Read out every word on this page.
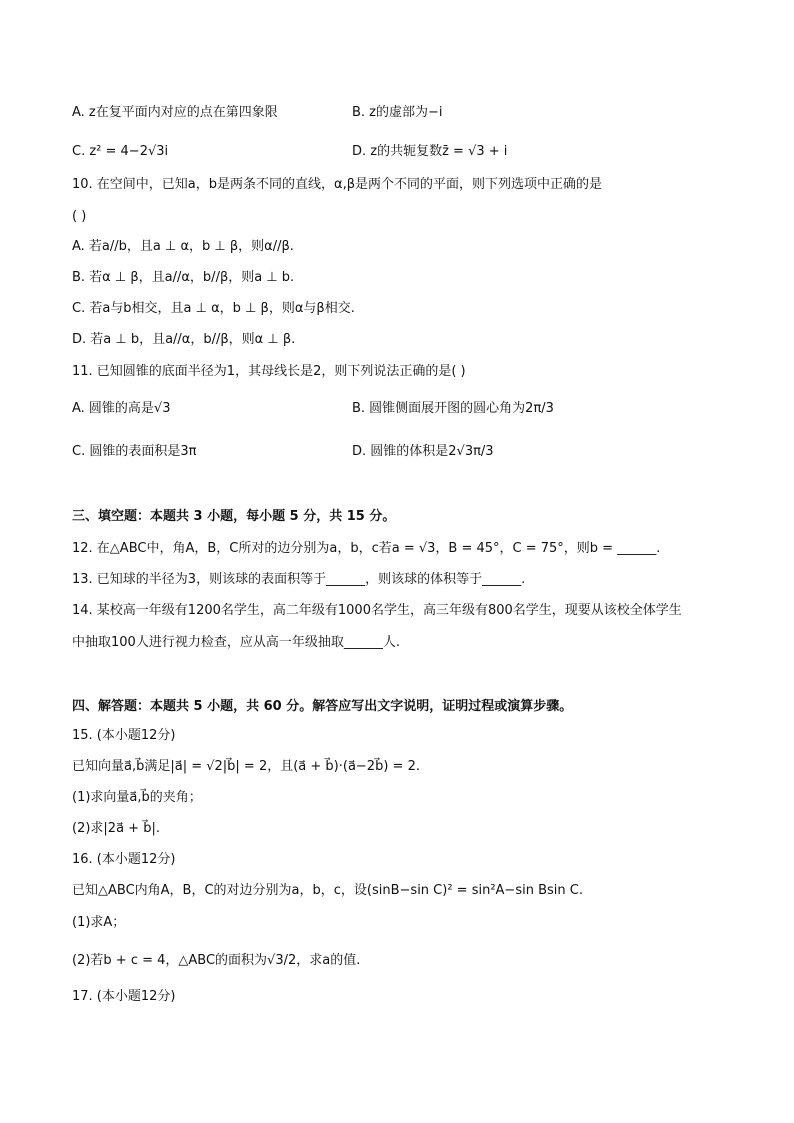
A. z在复平面内对应的点在第四象限	B. z的虚部为−i
C. z² = 4−2√3i	D. z的共轭复数z̄ = √3 + i
10. 在空间中，已知a，b是两条不同的直线，α,β是两个不同的平面，则下列选项中正确的是
( )
A. 若a//b，且a ⊥ α，b ⊥ β，则α//β.
B. 若α ⊥ β，且a//α，b//β，则a ⊥ b.
C. 若a与b相交，且a ⊥ α，b ⊥ β，则α与β相交.
D. 若a ⊥ b，且a//α，b//β，则α ⊥ β.
11. 已知圆锥的底面半径为1，其母线长是2，则下列说法正确的是( )
A. 圆锥的高是√3	B. 圆锥侧面展开图的圆心角为2π/3
C. 圆锥的表面积是3π	D. 圆锥的体积是2√3π/3
三、填空题：本题共 3 小题，每小题 5 分，共 15 分。
12. 在△ABC中，角A，B，C所对的边分别为a，b，c若a = √3，B = 45°，C = 75°，则b = ______.
13. 已知球的半径为3，则该球的表面积等于______，则该球的体积等于______.
14. 某校高一年级有1200名学生，高二年级有1000名学生，高三年级有800名学生，现要从该校全体学生
中抽取100人进行视力检查，应从高一年级抽取______人.
四、解答题：本题共 5 小题，共 60 分。解答应写出文字说明，证明过程或演算步骤。
15. (本小题12分)
已知向量a⃗,b⃗满足|a⃗| = √2|b⃗| = 2，且(a⃗ + b⃗)·(a⃗−2b⃗) = 2.
(1)求向量a⃗,b⃗的夹角；
(2)求|2a⃗ + b⃗|.
16. (本小题12分)
已知△ABC内角A，B，C的对边分别为a，b，c，设(sinB−sin C)² = sin²A−sin Bsin C.
(1)求A；
(2)若b + c = 4，△ABC的面积为√3/2，求a的值.
17. (本小题12分)
